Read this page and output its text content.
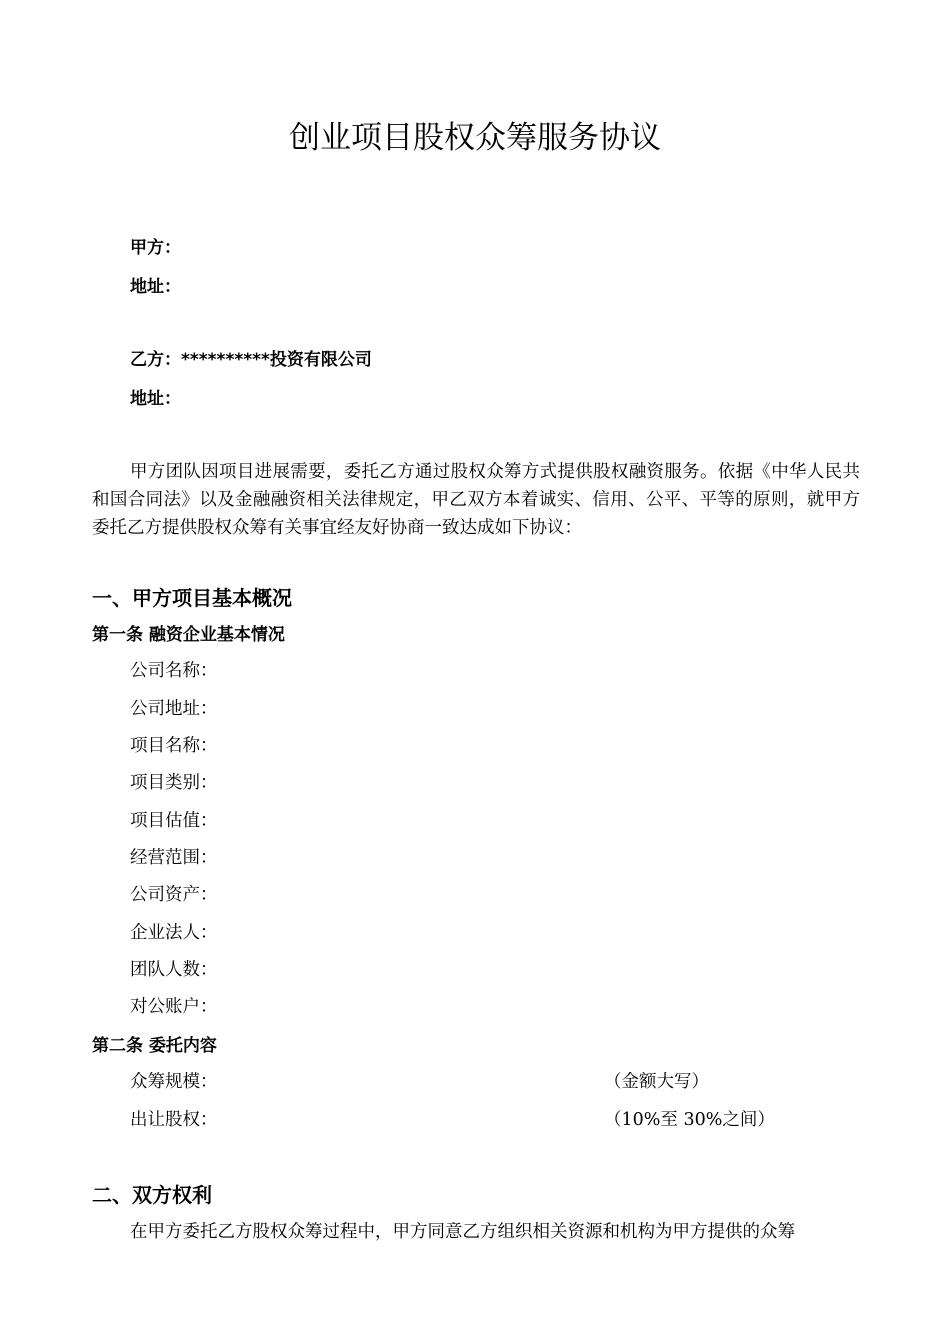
创业项目股权众筹服务协议
甲方：
地址：
乙方：**********投资有限公司
地址：

甲方团队因项目进展需要，委托乙方通过股权众筹方式提供股权融资服务。依据《中华人民共和国合同法》以及金融融资相关法律规定，甲乙双方本着诚实、信用、公平、平等的原则，就甲方委托乙方提供股权众筹有关事宜经友好协商一致达成如下协议：

一、甲方项目基本概况
第一条 融资企业基本情况
公司名称：
公司地址：
项目名称：
项目类别：
项目估值：
经营范围：
公司资产：
企业法人：
团队人数：
对公账户：
第二条 委托内容
众筹规模：	（金额大写）
出让股权：	（10%至 30%之间）
二、双方权利

在甲方委托乙方股权众筹过程中，甲方同意乙方组织相关资源和机构为甲方提供的众筹
